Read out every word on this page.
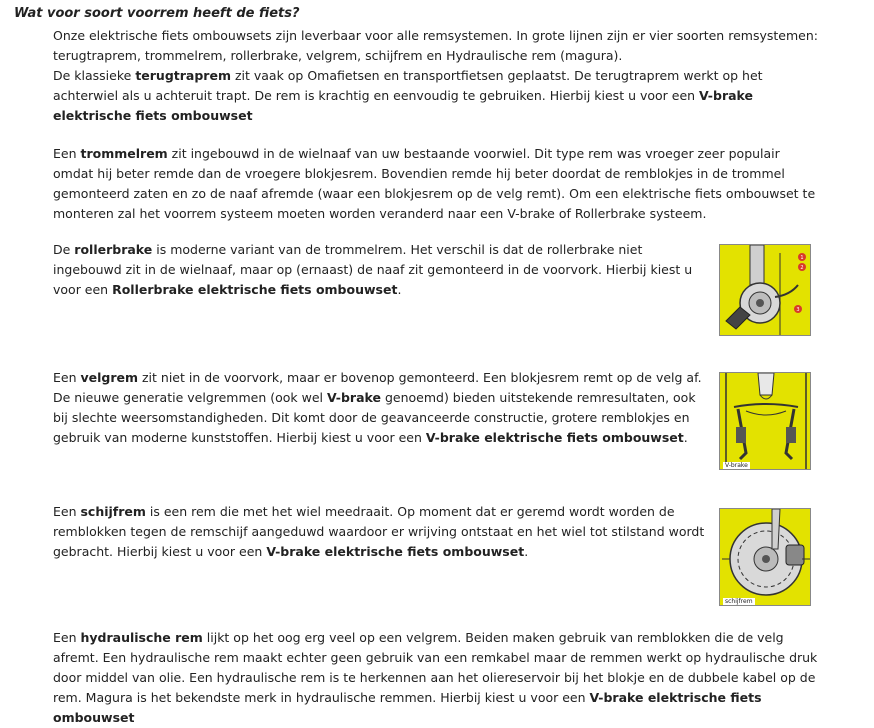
Wat voor soort voorrem heeft de fiets?

Onze elektrische fiets ombouwsets zijn leverbaar voor alle remsystemen. In grote lijnen zijn er vier soorten remsystemen:
terugtraprem, trommelrem, rollerbrake, velgrem, schijfrem en Hydraulische rem (magura).
De klassieke terugtraprem zit vaak op Omafietsen en transportfietsen geplaatst. De terugtraprem werkt op het achterwiel als u achteruit trapt. De rem is krachtig en eenvoudig te gebruiken. Hierbij kiest u voor een V-brake elektrische fiets ombouwset

Een trommelrem zit ingebouwd in de wielnaaf van uw bestaande voorwiel. Dit type rem was vroeger zeer populair omdat hij beter remde dan de vroegere blokjesrem. Bovendien remde hij beter doordat de remblokjes in de trommel gemonteerd zaten en zo de naaf afremde (waar een blokjesrem op de velg remt). Om een elektrische fiets ombouwset te monteren zal het voorrem systeem moeten worden veranderd naar een V-brake of Rollerbrake systeem.

De rollerbrake is moderne variant van de trommelrem. Het verschil is dat de rollerbrake niet ingebouwd zit in de wielnaaf, maar op (ernaast) de naaf zit gemonteerd in de voorvork. Hierbij kiest u voor een Rollerbrake elektrische fiets ombouwset.

1
2
3

Een velgrem zit niet in de voorvork, maar er bovenop gemonteerd. Een blokjesrem remt op de velg af. De nieuwe generatie velgremmen (ook wel V-brake genoemd) bieden uitstekende remresultaten, ook bij slechte weersomstandigheden. Dit komt door de geavanceerde constructie, grotere remblokjes en gebruik van moderne kunststoffen. Hierbij kiest u voor een V-brake elektrische fiets ombouwset.

V-brake

Een schijfrem is een rem die met het wiel meedraait. Op moment dat er geremd wordt worden de remblokken tegen de remschijf aangeduwd waardoor er wrijving ontstaat en het wiel tot stilstand wordt gebracht. Hierbij kiest u voor een V-brake elektrische fiets ombouwset.

schijfrem

Een hydraulische rem lijkt op het oog erg veel op een velgrem. Beiden maken gebruik van remblokken die de velg afremt. Een hydraulische rem maakt echter geen gebruik van een remkabel maar de remmen werkt op hydraulische druk door middel van olie. Een hydraulische rem is te herkennen aan het oliereservoir bij het blokje en de dubbele kabel op de rem. Magura is het bekendste merk in hydraulische remmen. Hierbij kiest u voor een V-brake elektrische fiets ombouwset
